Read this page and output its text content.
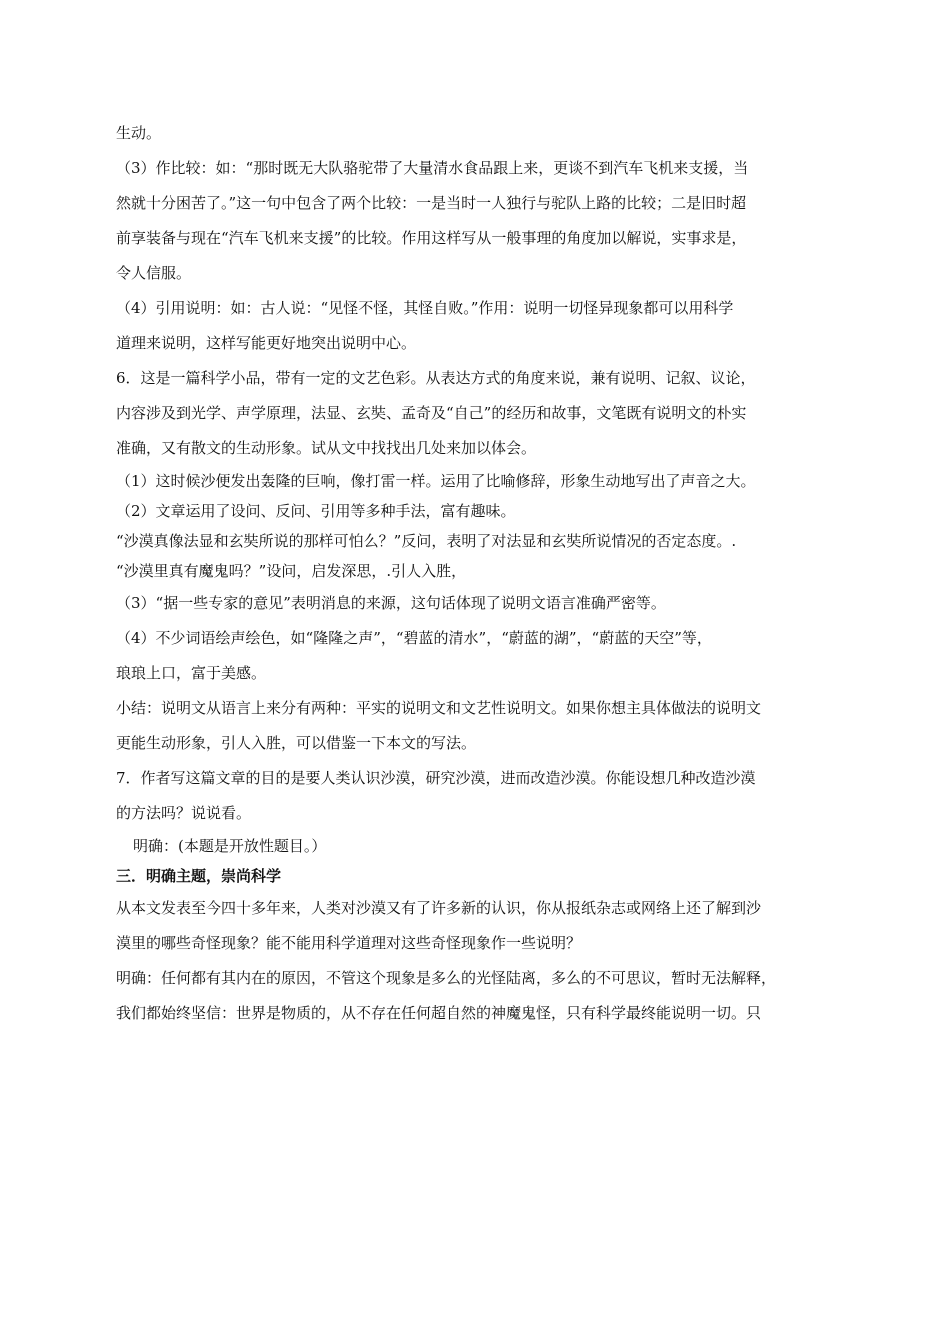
生动。
（3）作比较：如：“那时既无大队骆驼带了大量清水食品跟上来，更谈不到汽车飞机来支援，当
然就十分困苦了。”这一句中包含了两个比较：一是当时一人独行与驼队上路的比较；二是旧时超
前享装备与现在“汽车飞机来支援”的比较。作用这样写从一般事理的角度加以解说，实事求是，
令人信服。
（4）引用说明：如：古人说：“见怪不怪，其怪自败。”作用：说明一切怪异现象都可以用科学
道理来说明，这样写能更好地突出说明中心。
6．这是一篇科学小品，带有一定的文艺色彩。从表达方式的角度来说，兼有说明、记叙、议论，
内容涉及到光学、声学原理，法显、玄奘、孟奇及“自己”的经历和故事，文笔既有说明文的朴实
准确，又有散文的生动形象。试从文中找找出几处来加以体会。
（1）这时候沙便发出轰隆的巨响，像打雷一样。运用了比喻修辞，形象生动地写出了声音之大。
（2）文章运用了设问、反问、引用等多种手法，富有趣味。
“沙漠真像法显和玄奘所说的那样可怕么？”反问，表明了对法显和玄奘所说情况的否定态度。.
“沙漠里真有魔鬼吗？”设问，启发深思，.引人入胜，
（3）“据一些专家的意见”表明消息的来源，这句话体现了说明文语言准确严密等。
（4）不少词语绘声绘色，如“隆隆之声”，“碧蓝的清水”，“蔚蓝的湖”，“蔚蓝的天空”等，
琅琅上口，富于美感。
小结：说明文从语言上来分有两种：平实的说明文和文艺性说明文。如果你想主具体做法的说明文
更能生动形象，引人入胜，可以借鉴一下本文的写法。
7．作者写这篇文章的目的是要人类认识沙漠，研究沙漠，进而改造沙漠。你能设想几种改造沙漠
的方法吗？说说看。
明确：(本题是开放性题目。）
三．明确主题，崇尚科学
从本文发表至今四十多年来，人类对沙漠又有了许多新的认识，你从报纸杂志或网络上还了解到沙
漠里的哪些奇怪现象？能不能用科学道理对这些奇怪现象作一些说明？
明确：任何都有其内在的原因，不管这个现象是多么的光怪陆离，多么的不可思议，暂时无法解释，
我们都始终坚信：世界是物质的，从不存在任何超自然的神魔鬼怪，只有科学最终能说明一切。只
